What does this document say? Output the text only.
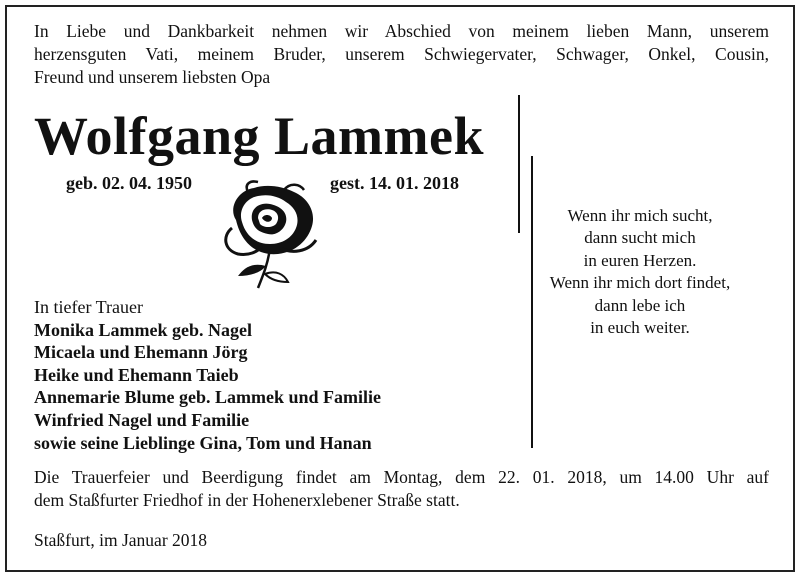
In Liebe und Dankbarkeit nehmen wir Abschied von meinem lieben Mann, unserem
herzensguten Vati, meinem Bruder, unserem Schwiegervater, Schwager, Onkel, Cousin,
Freund und unserem liebsten Opa
Wolfgang Lammek
geb. 02. 04. 1950	gest. 14. 01. 2018
In tiefer Trauer
Monika Lammek geb. Nagel
Micaela und Ehemann Jörg
Heike und Ehemann Taieb
Annemarie Blume geb. Lammek und Familie
Winfried Nagel und Familie
sowie seine Lieblinge Gina, Tom und Hanan
Wenn ihr mich sucht,
dann sucht mich
in euren Herzen.
Wenn ihr mich dort findet,
dann lebe ich
in euch weiter.
Die Trauerfeier und Beerdigung findet am Montag, dem 22. 01. 2018, um 14.00 Uhr auf
dem Staßfurter Friedhof in der Hohenerxlebener Straße statt.
Staßfurt, im Januar 2018
